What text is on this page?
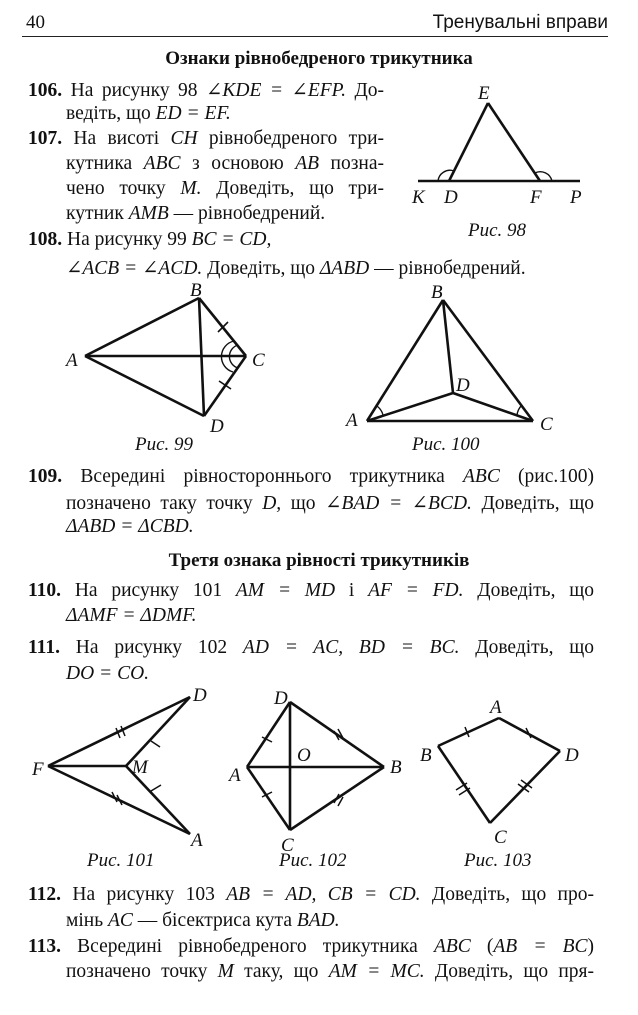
40	Тренувальні вправи
Ознаки рівнобедреного трикутника
106. На рисунку 98 ∠KDE = ∠EFP. До-
ведіть, що ED = EF.
107. На висоті CH рівнобедреного три-
кутника ABC з основою AB позна-
чено точку M. Доведіть, що три-
кутник AMB — рівнобедрений.
108. На рисунку 99 BC = CD,
∠ACB = ∠ACD. Доведіть, що ΔABD — рівнобедрений.
E
K D	F P
B
A	C
D
B
D
A	C
Рис. 99	Рис. 100
Рис. 98
109. Всередині рівностороннього трикутника ABC (рис.100)
позначено таку точку D, що ∠BAD = ∠BCD. Доведіть, що
ΔABD = ΔCBD.
Третя ознака рівності трикутників
110. На рисунку 101 AM = MD і AF = FD. Доведіть, що
ΔAMF = ΔDMF.
111. На рисунку 102 AD = AC, BD = BC. Доведіть, що
DO = CO.
D
F	M
A
D
O
A	B
C
A
B	D
C
Рис. 101	Рис. 102	Рис. 103
112. На рисунку 103 AB = AD, CB = CD. Доведіть, що про-
мінь AC — бісектриса кута BAD.
113. Всередині рівнобедреного трикутника ABC (AB = BC)
позначено точку M таку, що AM = MC. Доведіть, що пря-
